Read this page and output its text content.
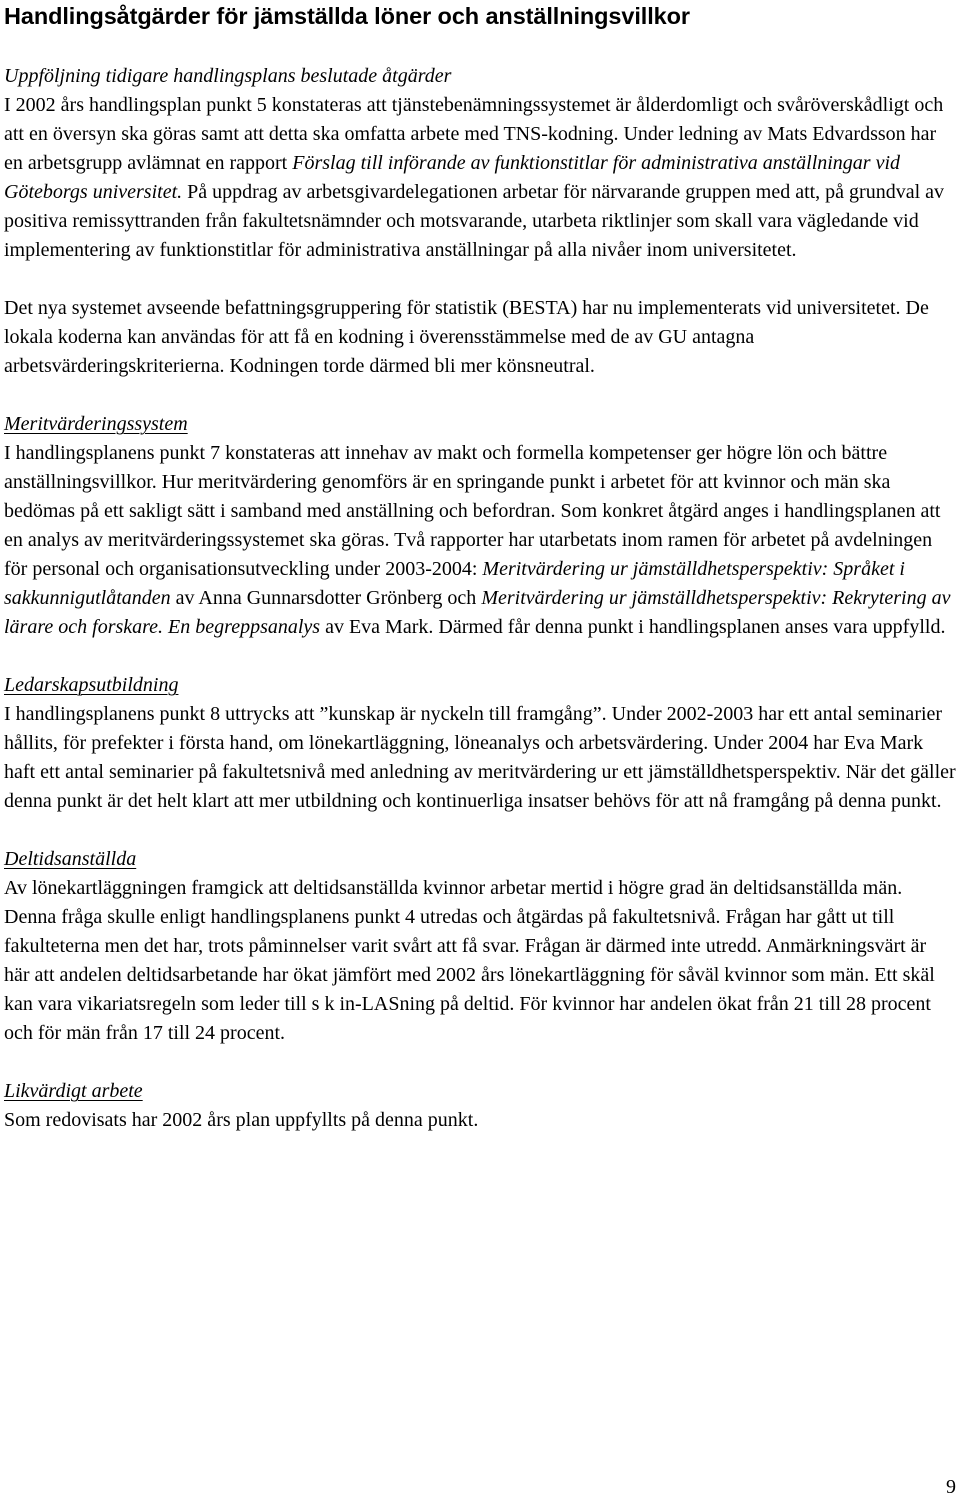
Handlingsåtgärder för jämställda löner och anställningsvillkor

Uppföljning tidigare handlingsplans beslutade åtgärder
I 2002 års handlingsplan punkt 5 konstateras att tjänstebenämningssystemet är ålderdomligt och svåröverskådligt och att en översyn ska göras samt att detta ska omfatta arbete med TNS-kodning. Under ledning av Mats Edvardsson har en arbetsgrupp avlämnat en rapport Förslag till införande av funktionstitlar för administrativa anställningar vid Göteborgs universitet. På uppdrag av arbetsgivardelegationen arbetar för närvarande gruppen med att, på grundval av positiva remissyttranden från fakultetsnämnder och motsvarande, utarbeta riktlinjer som skall vara vägledande vid implementering av funktionstitlar för administrativa anställningar på alla nivåer inom universitetet.

Det nya systemet avseende befattningsgruppering för statistik (BESTA) har nu implementerats vid universitetet. De lokala koderna kan användas för att få en kodning i överensstämmelse med de av GU antagna arbetsvärderingskriterierna. Kodningen torde därmed bli mer könsneutral.

Meritvärderingssystem
I handlingsplanens punkt 7 konstateras att innehav av makt och formella kompetenser ger högre lön och bättre anställningsvillkor. Hur meritvärdering genomförs är en springande punkt i arbetet för att kvinnor och män ska bedömas på ett sakligt sätt i samband med anställning och befordran. Som konkret åtgärd anges i handlingsplanen att en analys av meritvärderingssystemet ska göras. Två rapporter har utarbetats inom ramen för arbetet på avdelningen för personal och organisationsutveckling under 2003-2004: Meritvärdering ur jämställdhetsperspektiv: Språket i sakkunnigutlåtanden av Anna Gunnarsdotter Grönberg och Meritvärdering ur jämställdhetsperspektiv: Rekrytering av lärare och forskare. En begreppsanalys av Eva Mark. Därmed får denna punkt i handlingsplanen anses vara uppfylld.

Ledarskapsutbildning
I handlingsplanens punkt 8 uttrycks att ”kunskap är nyckeln till framgång”. Under 2002-2003 har ett antal seminarier hållits, för prefekter i första hand, om lönekartläggning, löneanalys och arbetsvärdering. Under 2004 har Eva Mark haft ett antal seminarier på fakultetsnivå med anledning av meritvärdering ur ett jämställdhetsperspektiv. När det gäller denna punkt är det helt klart att mer utbildning och kontinuerliga insatser behövs för att nå framgång på denna punkt.

Deltidsanställda
Av lönekartläggningen framgick att deltidsanställda kvinnor arbetar mertid i högre grad än deltidsanställda män. Denna fråga skulle enligt handlingsplanens punkt 4 utredas och åtgärdas på fakultetsnivå. Frågan har gått ut till fakulteterna men det har, trots påminnelser varit svårt att få svar. Frågan är därmed inte utredd. Anmärkningsvärt är här att andelen deltidsarbetande har ökat jämfört med 2002 års lönekartläggning för såväl kvinnor som män. Ett skäl kan vara vikariatsregeln som leder till s k in-LASning på deltid. För kvinnor har andelen ökat från 21 till 28 procent och för män från 17 till 24 procent.

Likvärdigt arbete
Som redovisats har 2002 års plan uppfyllts på denna punkt.

9
